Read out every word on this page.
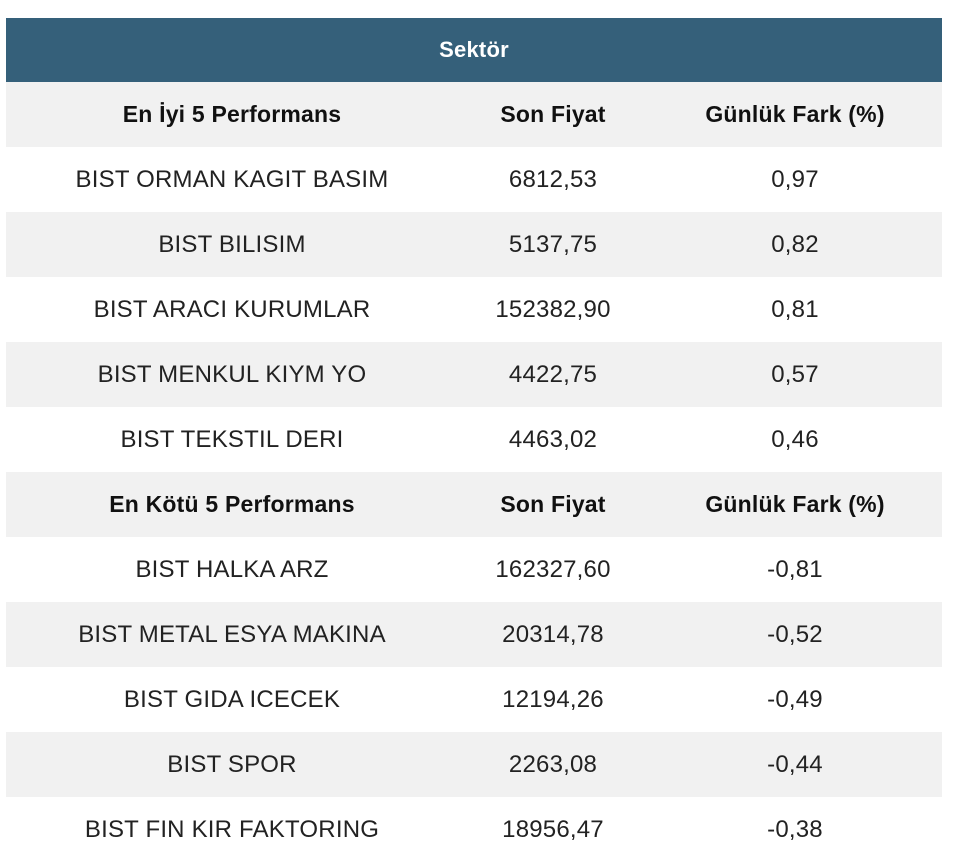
Sektör		
En İyi 5 Performans	Son Fiyat	Günlük Fark (%)
BIST ORMAN KAGIT BASIM	6812,53	0,97
BIST BILISIM	5137,75	0,82
BIST ARACI KURUMLAR	152382,90	0,81
BIST MENKUL KIYM YO	4422,75	0,57
BIST TEKSTIL DERI	4463,02	0,46
En Kötü 5 Performans	Son Fiyat	Günlük Fark (%)
BIST HALKA ARZ	162327,60	-0,81
BIST METAL ESYA MAKINA	20314,78	-0,52
BIST GIDA ICECEK	12194,26	-0,49
BIST SPOR	2263,08	-0,44
BIST FIN KIR FAKTORING	18956,47	-0,38
